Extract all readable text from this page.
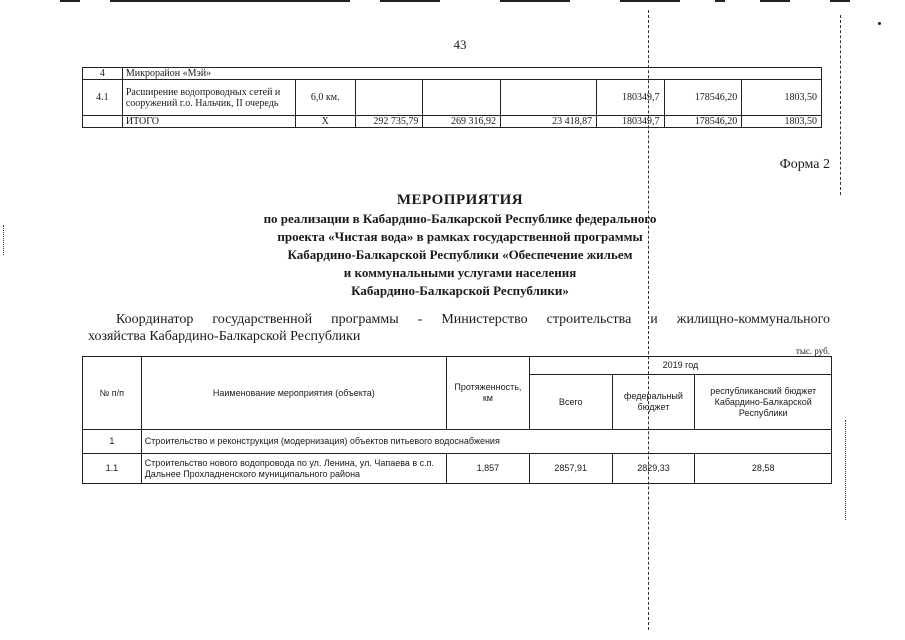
43
4	Микрорайон «Мэй»							
4.1	Расширение водопроводных сетей и сооружений г.о. Нальчик, II очередь	6,0 км.				180349,7	178546,20	1803,50
	ИТОГО	X	292 735,79	269 316,92	23 418,87	180349,7	178546,20	1803,50
Форма 2
МЕРОПРИЯТИЯ

по реализации в Кабардино-Балкарской Республике федерального

проекта «Чистая вода» в рамках государственной программы

Кабардино-Балкарской Республики «Обеспечение жильем

и коммунальными услугами населения

Кабардино-Балкарской Республики»

Координатор государственной программы - Министерство строительства и жилищно-коммунального
хозяйства Кабардино-Балкарской Республики
тыс. руб.
№ п/п	Наименование мероприятия (объекта)	Протяженность, км	2019 год		
			Всего	федеральный бюджет	республиканский бюджет Кабардино-Балкарской Республики
1	Строительство и реконструкция (модернизация) объектов питьевого водоснабжения				
1.1	Строительство нового водопровода по ул. Ленина, ул. Чапаева в с.п. Дальнее Прохладненского муниципального района	1,857	2857,91	2829,33	28,58
